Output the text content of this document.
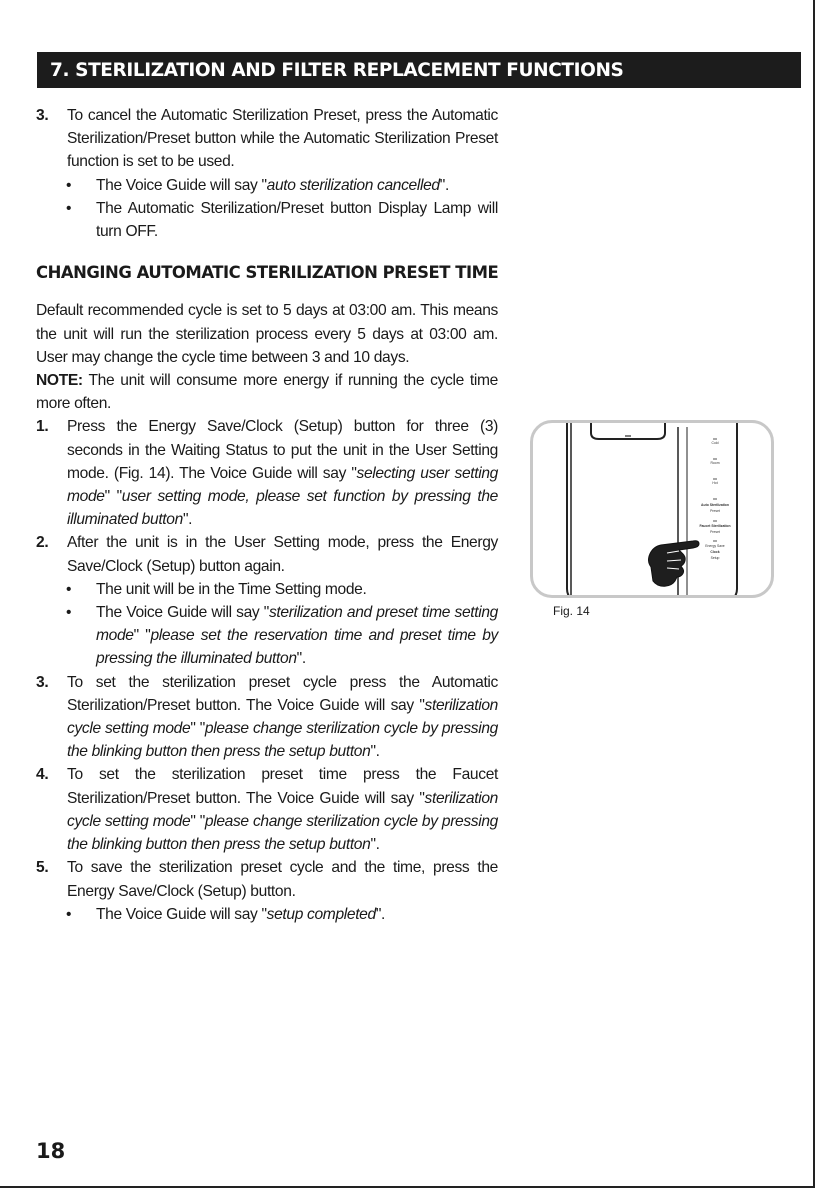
7. STERILIZATION AND FILTER REPLACEMENT FUNCTIONS
3. To cancel the Automatic Sterilization Preset, press the Automatic Sterilization/Preset button while the Automatic Sterilization Preset function is set to be used.
• The Voice Guide will say "auto sterilization cancelled".
• The Automatic Sterilization/Preset button Display Lamp will turn OFF.
CHANGING AUTOMATIC STERILIZATION PRESET TIME

Default recommended cycle is set to 5 days at 03:00 am. This means the unit will run the sterilization process every 5 days at 03:00 am. User may change the cycle time between 3 and 10 days.

NOTE: The unit will consume more energy if running the cycle time more often.

1. Press the Energy Save/Clock (Setup) button for three (3) seconds in the Waiting Status to put the unit in the User Setting mode. (Fig. 14). The Voice Guide will say "selecting user setting mode" "user setting mode, please set function by pressing the illuminated button".
2. After the unit is in the User Setting mode, press the Energy Save/Clock (Setup) button again.
• The unit will be in the Time Setting mode.
• The Voice Guide will say "sterilization and preset time setting mode" "please set the reservation time and preset time by pressing the illuminated button".
3. To set the sterilization preset cycle press the Automatic Sterilization/Preset button. The Voice Guide will say "sterilization cycle setting mode" "please change sterilization cycle by pressing the blinking button then press the setup button".
4. To set the sterilization preset time press the Faucet Sterilization/Preset button. The Voice Guide will say "sterilization cycle setting mode" "please change sterilization cycle by pressing the blinking button then press the setup button".
5. To save the sterilization preset cycle and the time, press the Energy Save/Clock (Setup) button.
• The Voice Guide will say "setup completed".
Cold
Room
Hot
Auto Sterilization
Preset
Faucet Sterilization
Preset
Energy Save
Clock
Setup
Fig. 14
18
